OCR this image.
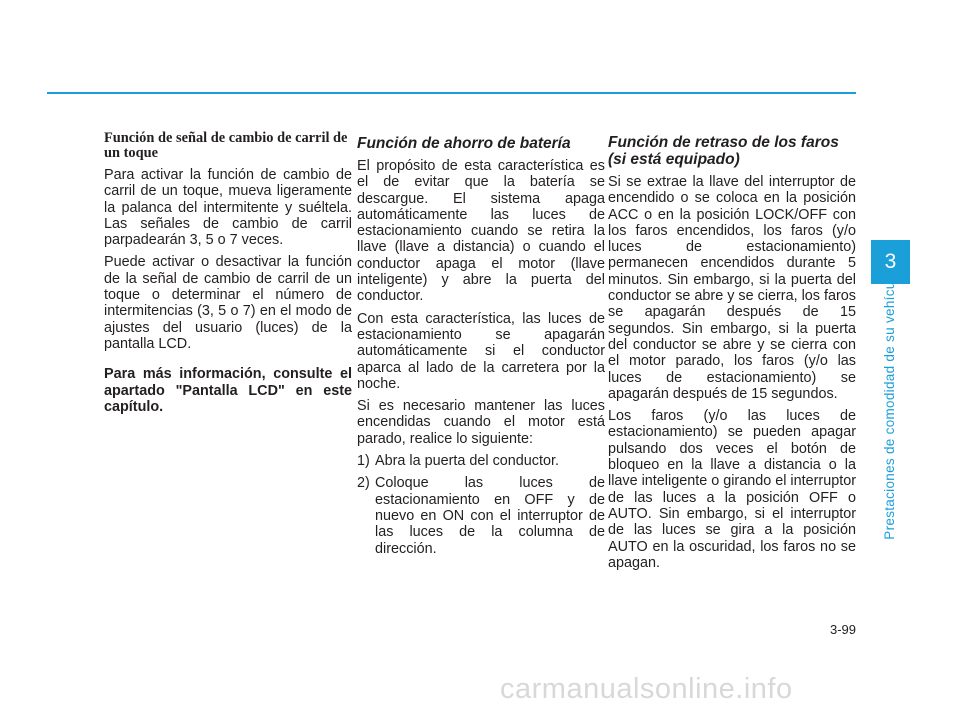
Función de señal de cambio de carril de un toque

Para activar la función de cambio de carril de un toque, mueva ligeramente la palanca del intermitente y suéltela. Las señales de cambio de carril parpadearán 3, 5 o 7 veces.

Puede activar o desactivar la función de la señal de cambio de carril de un toque o determinar el número de intermitencias (3, 5 o 7) en el modo de ajustes del usuario (luces) de la pantalla LCD.

Para más información, consulte el apartado "Pantalla LCD" en este capítulo.

Función de ahorro de batería

El propósito de esta característica es el de evitar que la batería se descargue. El sistema apaga automáticamente las luces de estacionamiento cuando se retira la llave (llave a distancia) o cuando el conductor apaga el motor (llave inteligente) y abre la puerta del conductor.

Con esta característica, las luces de estacionamiento se apagarán automáticamente si el conductor aparca al lado de la carretera por la noche.

Si es necesario mantener las luces encendidas cuando el motor está parado, realice lo siguiente:

1) Abra la puerta del conductor.
2) Coloque las luces de estacionamiento en OFF y de nuevo en ON con el interruptor de las luces de la columna de dirección.

Función de retraso de los faros (si está equipado)

Si se extrae la llave del interruptor de encendido o se coloca en la posición ACC o en la posición LOCK/OFF con los faros encendidos, los faros (y/o luces de estacionamiento) permanecen encendidos durante 5 minutos. Sin embargo, si la puerta del conductor se abre y se cierra, los faros se apagarán después de 15 segundos. Sin embargo, si la puerta del conductor se abre y se cierra con el motor parado, los faros (y/o las luces de estacionamiento) se apagarán después de 15 segundos.

Los faros (y/o las luces de estacionamiento) se pueden apagar pulsando dos veces el botón de bloqueo en la llave a distancia o la llave inteligente o girando el interruptor de las luces a la posición OFF o AUTO. Sin embargo, si el interruptor de las luces se gira a la posición AUTO en la oscuridad, los faros no se apagan.

3
Prestaciones de comodidad de su vehículo
3-99
carmanualsonline.info
